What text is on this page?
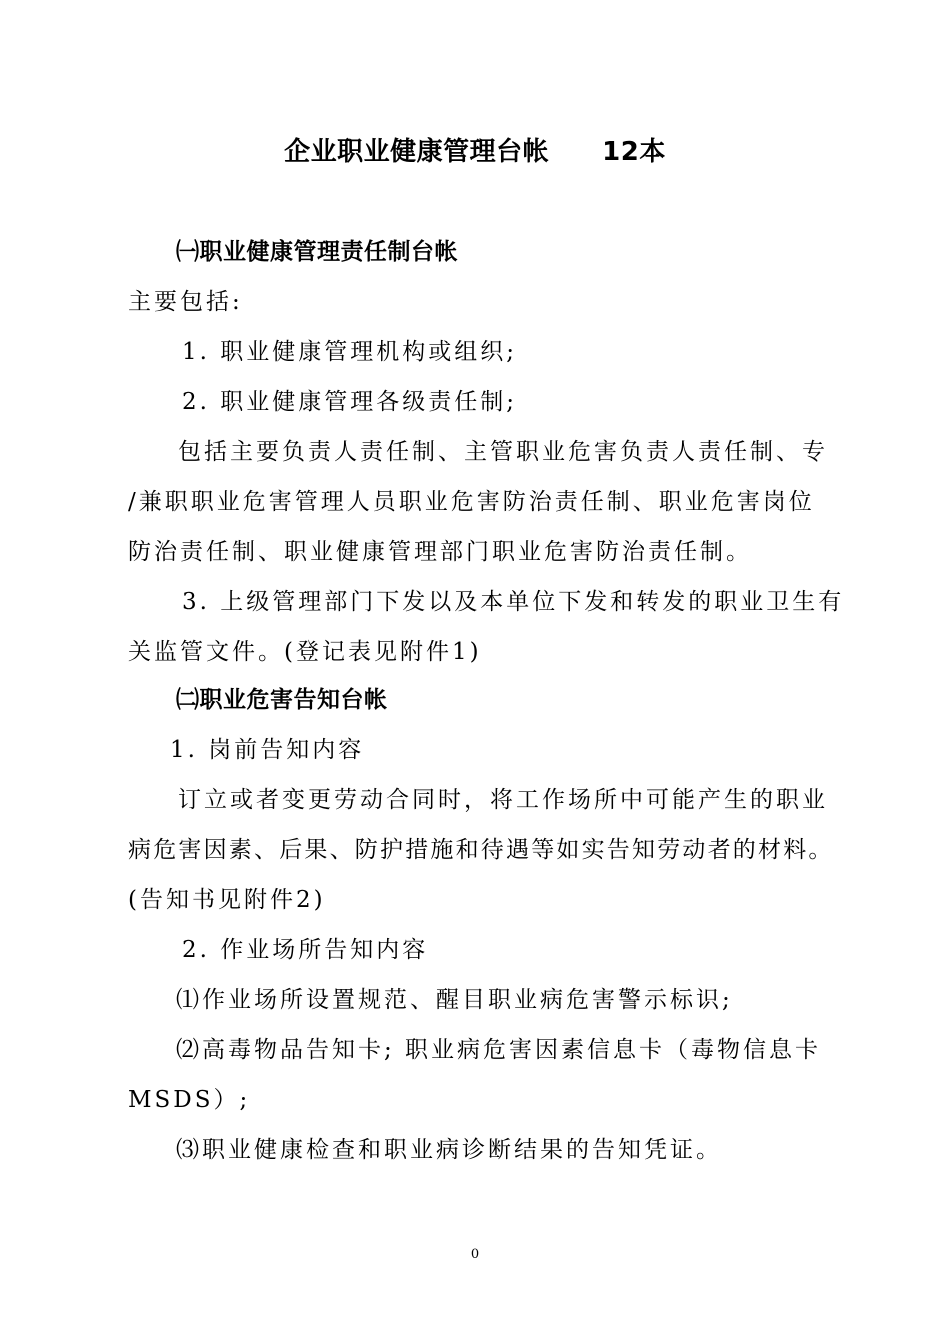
企业职业健康管理台帐　　12本
㈠职业健康管理责任制台帐
主要包括:
1. 职业健康管理机构或组织;
2. 职业健康管理各级责任制;
包括主要负责人责任制、主管职业危害负责人责任制、专
/兼职职业危害管理人员职业危害防治责任制、职业危害岗位
防治责任制、职业健康管理部门职业危害防治责任制。
3. 上级管理部门下发以及本单位下发和转发的职业卫生有
关监管文件。(登记表见附件1)
㈡职业危害告知台帐
1. 岗前告知内容
订立或者变更劳动合同时，将工作场所中可能产生的职业
病危害因素、后果、防护措施和待遇等如实告知劳动者的材料。
(告知书见附件2)
2. 作业场所告知内容
⑴作业场所设置规范、醒目职业病危害警示标识;
⑵高毒物品告知卡; 职业病危害因素信息卡（毒物信息卡
MSDS）;
⑶职业健康检查和职业病诊断结果的告知凭证。
0
